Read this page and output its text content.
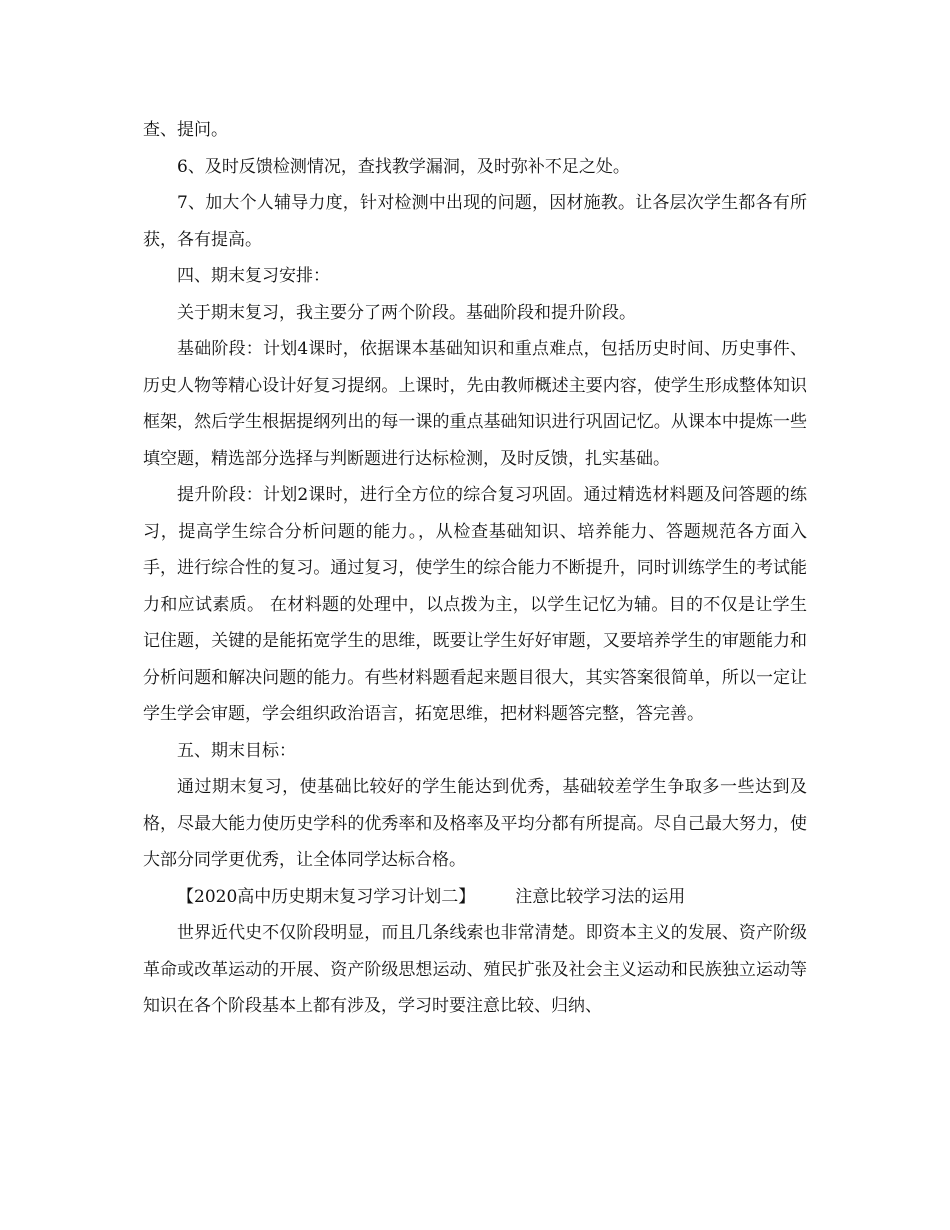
查、提问。

6、及时反馈检测情况，查找教学漏洞，及时弥补不足之处。

7、加大个人辅导力度，针对检测中出现的问题，因材施教。让各层次学生都各有所获，各有提高。

四、期末复习安排：

关于期末复习，我主要分了两个阶段。基础阶段和提升阶段。

基础阶段：计划4课时，依据课本基础知识和重点难点，包括历史时间、历史事件、历史人物等精心设计好复习提纲。上课时，先由教师概述主要内容，使学生形成整体知识框架，然后学生根据提纲列出的每一课的重点基础知识进行巩固记忆。从课本中提炼一些填空题，精选部分选择与判断题进行达标检测，及时反馈，扎实基础。

提升阶段：计划2课时，进行全方位的综合复习巩固。通过精选材料题及问答题的练习，提高学生综合分析问题的能力。，从检查基础知识、培养能力、答题规范各方面入手，进行综合性的复习。通过复习，使学生的综合能力不断提升，同时训练学生的考试能力和应试素质。 在材料题的处理中，以点拨为主，以学生记忆为辅。目的不仅是让学生记住题，关键的是能拓宽学生的思维，既要让学生好好审题，又要培养学生的审题能力和分析问题和解决问题的能力。有些材料题看起来题目很大，其实答案很简单，所以一定让学生学会审题，学会组织政治语言，拓宽思维，把材料题答完整，答完善。

五、期末目标：

通过期末复习，使基础比较好的学生能达到优秀，基础较差学生争取多一些达到及格，尽最大能力使历史学科的优秀率和及格率及平均分都有所提高。尽自己最大努力，使大部分同学更优秀，让全体同学达标合格。

【2020高中历史期末复习学习计划二】 注意比较学习法的运用

世界近代史不仅阶段明显，而且几条线索也非常清楚。即资本主义的发展、资产阶级革命或改革运动的开展、资产阶级思想运动、殖民扩张及社会主义运动和民族独立运动等知识在各个阶段基本上都有涉及，学习时要注意比较、归纳、
